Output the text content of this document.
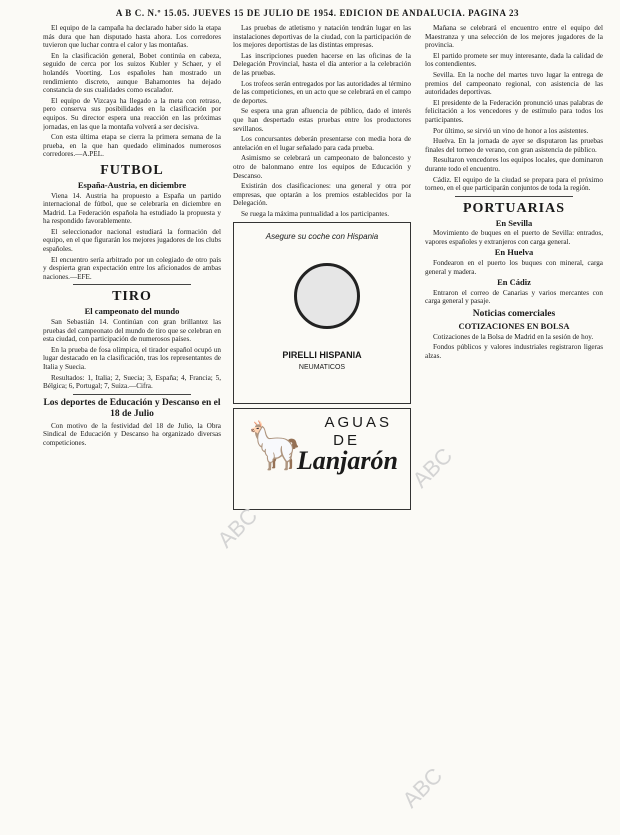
A B C. N.º 15.05. JUEVES 15 DE JULIO DE 1954. EDICION DE ANDALUCIA. PAGINA 23

El equipo de la campaña ha declarado haber sido la etapa más dura que han disputado hasta ahora. Los corredores tuvieron que luchar contra el calor y las montañas.

En la clasificación general, Bobet continúa en cabeza, seguido de cerca por los suizos Kubler y Schaer, y el holandés Voorting. Los españoles han mostrado un rendimiento discreto, aunque Bahamontes ha dejado constancia de sus cualidades como escalador.

El equipo de Vizcaya ha llegado a la meta con retraso, pero conserva sus posibilidades en la clasificación por equipos. Su director espera una reacción en las próximas jornadas, en las que la montaña volverá a ser decisiva.

Con esta última etapa se cierra la primera semana de la prueba, en la que han quedado eliminados numerosos corredores.—A.PEL.

FUTBOL
España-Austria, en diciembre

Viena 14. Austria ha propuesto a España un partido internacional de fútbol, que se celebraría en diciembre en Madrid. La Federación española ha estudiado la propuesta y ha respondido favorablemente.

El seleccionador nacional estudiará la formación del equipo, en el que figurarán los mejores jugadores de los clubs españoles.

El encuentro sería arbitrado por un colegiado de otro país y despierta gran expectación entre los aficionados de ambas naciones.—EFE.

TIRO
El campeonato del mundo

San Sebastián 14. Continúan con gran brillantez las pruebas del campeonato del mundo de tiro que se celebran en esta ciudad, con participación de numerosos países.

En la prueba de fosa olímpica, el tirador español ocupó un lugar destacado en la clasificación, tras los representantes de Italia y Suecia.

Resultados: 1, Italia; 2, Suecia; 3, España; 4, Francia; 5, Bélgica; 6, Portugal; 7, Suiza.—Cifra.

Los deportes de Educación y Descanso en el 18 de Julio

Con motivo de la festividad del 18 de Julio, la Obra Sindical de Educación y Descanso ha organizado diversas competiciones.

Las pruebas de atletismo y natación tendrán lugar en las instalaciones deportivas de la ciudad, con la participación de los mejores deportistas de las distintas empresas.

Las inscripciones pueden hacerse en las oficinas de la Delegación Provincial, hasta el día anterior a la celebración de las pruebas.

Los trofeos serán entregados por las autoridades al término de las competiciones, en un acto que se celebrará en el campo de deportes.

Se espera una gran afluencia de público, dado el interés que han despertado estas pruebas entre los productores sevillanos.

Los concursantes deberán presentarse con media hora de antelación en el lugar señalado para cada prueba.

Asimismo se celebrará un campeonato de baloncesto y otro de balonmano entre los equipos de Educación y Descanso.

Existirán dos clasificaciones: una general y otra por empresas, que optarán a los premios establecidos por la Delegación.

Se ruega la máxima puntualidad a los participantes.

Asegure su coche con Hispania
PIRELLI HISPANIA
NEUMATICOS
🦙 AGUAS
DE
Lanjarón

Mañana se celebrará el encuentro entre el equipo del Maestranza y una selección de los mejores jugadores de la provincia.

El partido promete ser muy interesante, dada la calidad de los contendientes.

Sevilla. En la noche del martes tuvo lugar la entrega de premios del campeonato regional, con asistencia de las autoridades deportivas.

El presidente de la Federación pronunció unas palabras de felicitación a los vencedores y de estímulo para todos los participantes.

Por último, se sirvió un vino de honor a los asistentes.

Huelva. En la jornada de ayer se disputaron las pruebas finales del torneo de verano, con gran asistencia de público.

Resultaron vencedores los equipos locales, que dominaron durante todo el encuentro.

Cádiz. El equipo de la ciudad se prepara para el próximo torneo, en el que participarán conjuntos de toda la región.

PORTUARIAS
En Sevilla

Movimiento de buques en el puerto de Sevilla: entrados, vapores españoles y extranjeros con carga general.

En Huelva

Fondearon en el puerto los buques con mineral, carga general y madera.

En Cádiz

Entraron el correo de Canarias y varios mercantes con carga general y pasaje.

Noticias comerciales
COTIZACIONES EN BOLSA

Cotizaciones de la Bolsa de Madrid en la sesión de hoy.

Fondos públicos y valores industriales registraron ligeras alzas.

ABC
ABC
ABC
